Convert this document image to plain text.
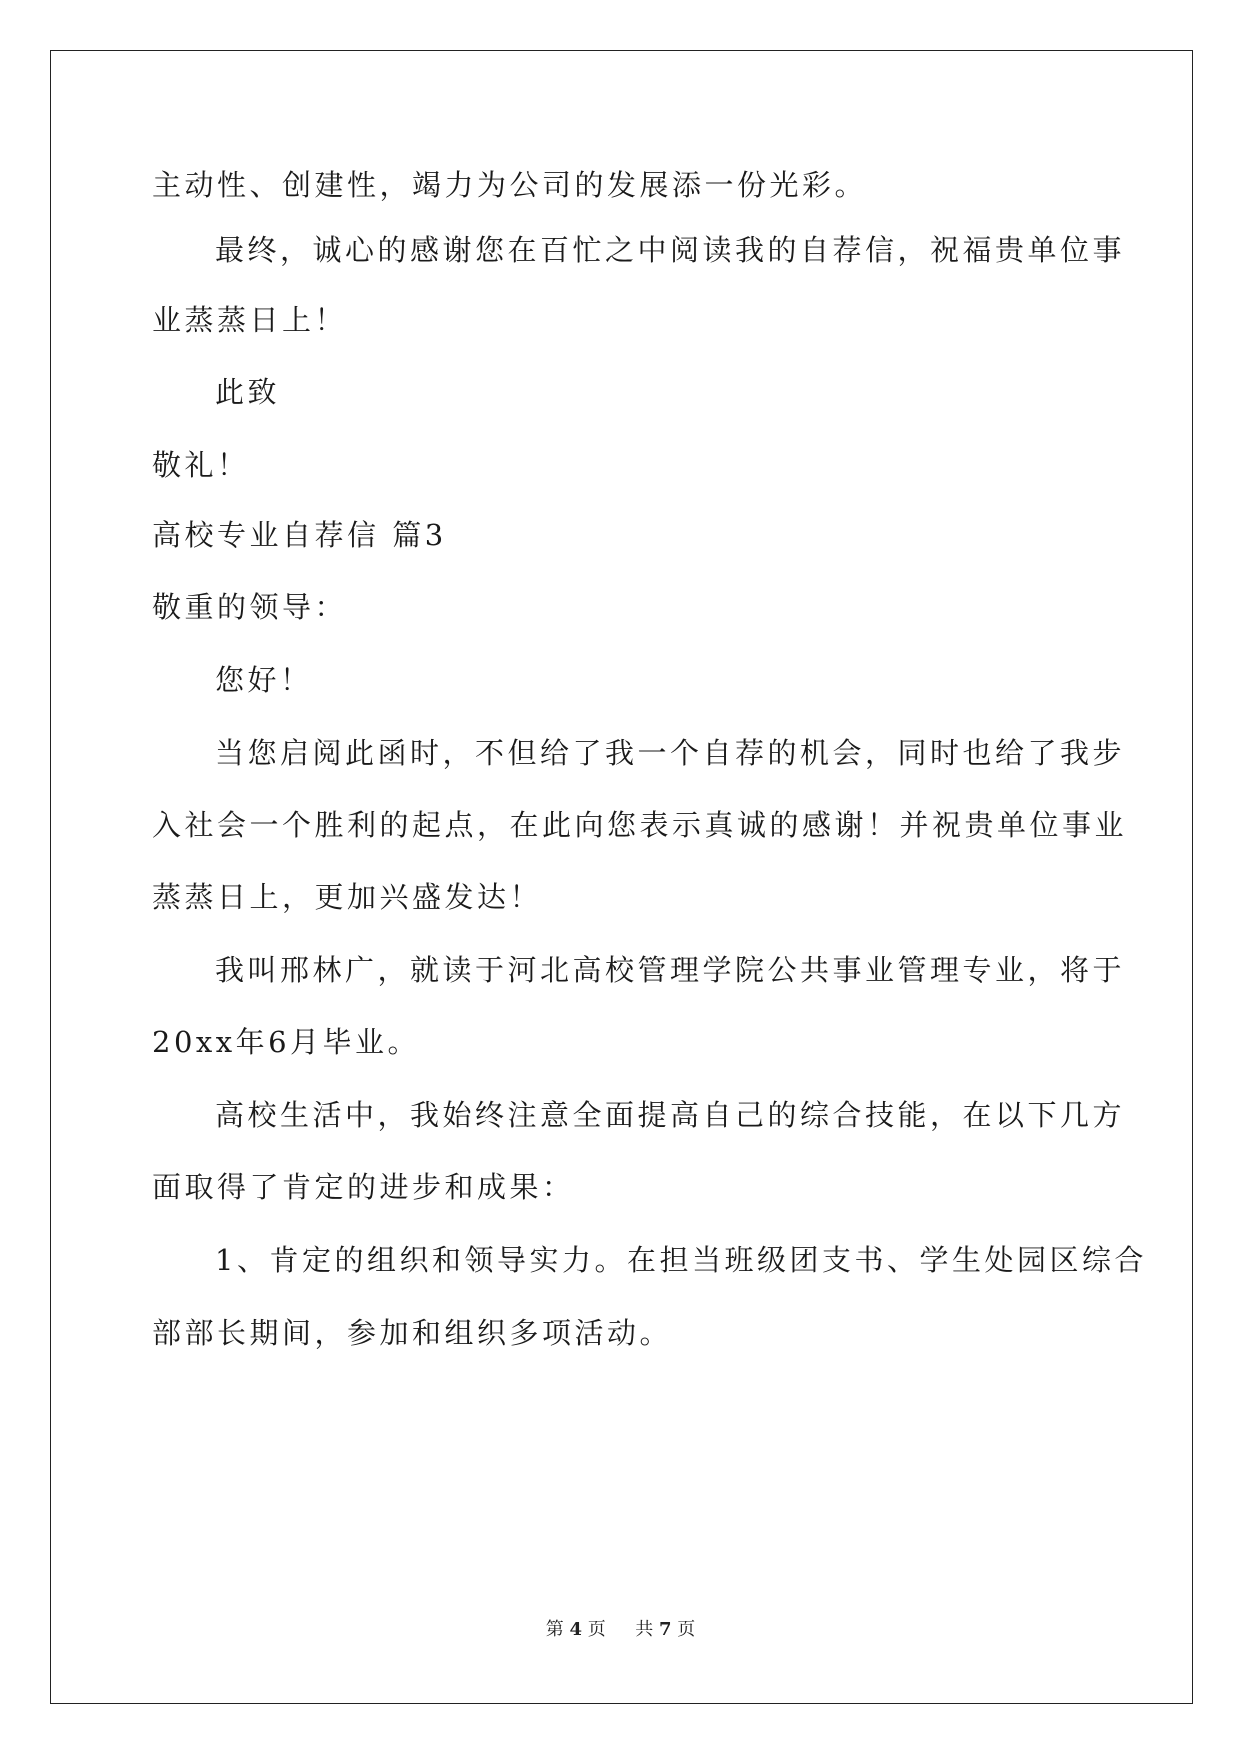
主动性、创建性，竭力为公司的发展添一份光彩。
最终，诚心的感谢您在百忙之中阅读我的自荐信，祝福贵单位事
业蒸蒸日上！
此致
敬礼！
高校专业自荐信 篇3
敬重的领导：
您好！
当您启阅此函时，不但给了我一个自荐的机会，同时也给了我步
入社会一个胜利的起点，在此向您表示真诚的感谢！并祝贵单位事业
蒸蒸日上，更加兴盛发达！
我叫邢林广，就读于河北高校管理学院公共事业管理专业，将于
20xx年6月毕业。
高校生活中，我始终注意全面提高自己的综合技能，在以下几方
面取得了肯定的进步和成果：
1、肯定的组织和领导实力。在担当班级团支书、学生处园区综合
部部长期间，参加和组织多项活动。
第 4 页 共 7 页
